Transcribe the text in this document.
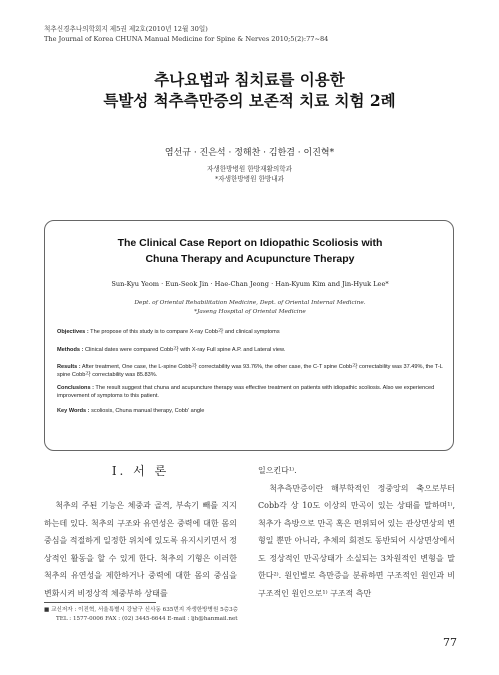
척추신경추나의학회지 제5권 제2호(2010년 12월 30일)
The Journal of Korea CHUNA Manual Medicine for Spine & Nerves 2010;5(2):77~84
추나요법과 침치료를 이용한
특발성 척추측만증의 보존적 치료 치험 2례
염선규 · 진은석 · 정해찬 · 김한겸 · 이진혁*
자생한방병원 한방재활의학과
*자생한방병원 한방내과
The Clinical Case Report on Idiopathic Scoliosis with
Chuna Therapy and Acupuncture Therapy
Sun-Kyu Yeom · Eun-Seok Jin · Hae-Chan Jeong · Han-Kyum Kim and Jin-Hyuk Lee*
Dept. of Oriental Rehabilitation Medicine, Dept. of Oriental Internal Medicine.
*Jaseng Hospital of Oriental Medicine
Objectives : The propose of this study is to compare X-ray Cobb각 and clinical symptoms
Methods : Clinical dates were compared Cobb각 with X-ray Full spine A.P. and Lateral view.
Results : After treatment, One case, the L-spine Cobb각 correctability was 93.76%, the other case, the C-T spine Cobb각 correctability was 37.49%, the T-L spine Cobb각 correctability was 85.83%.
Conclusions : The result suggest that chuna and acupuncture therapy was effective treatment on patients with idiopathic scoliosis. Also we experienced improvement of symptoms to this patient.
Key Words : scoliosis, Chuna manual therapy, Cobb' angle
Ⅰ. 서 론

척추의 주된 기능은 체중과 골격, 부속기 빼를 지지하는데 있다. 척추의 구조와 유연성은 중력에 대한 몸의 중심을 적절하게 일정한 위치에 있도록 유지시키면서 정상적인 활동을 할 수 있게 한다. 척추의 기형은 이러한 척추의 유연성을 제한하거나 중력에 대한 몸의 중심을 변화시켜 비정상적 체중부하 상태를

일으킨다¹⁾.

척추측만증이란 해부학적인 정중앙의 축으로부터 Cobb각 상 10도 이상의 만곡이 있는 상태를 말하며¹⁾, 척추가 측방으로 만곡 혹은 편위되어 있는 관상면상의 변형일 뿐만 아니라, 추체의 회전도 동반되어 시상면상에서도 정상적인 만곡상태가 소실되는 3차원적인 변형을 말한다²⁾. 원인별로 측만증을 분류하면 구조적인 원인과 비구조적인 원인으로¹⁾ 구조적 측만

■ 교신저자 : 이진혁, 서울특별시 강남구 신사동 635번지 자생한방병원 5층3층
TEL : 1577-0006 FAX : (02) 3445-6644 E-mail : ljh@hanmail.net
77
